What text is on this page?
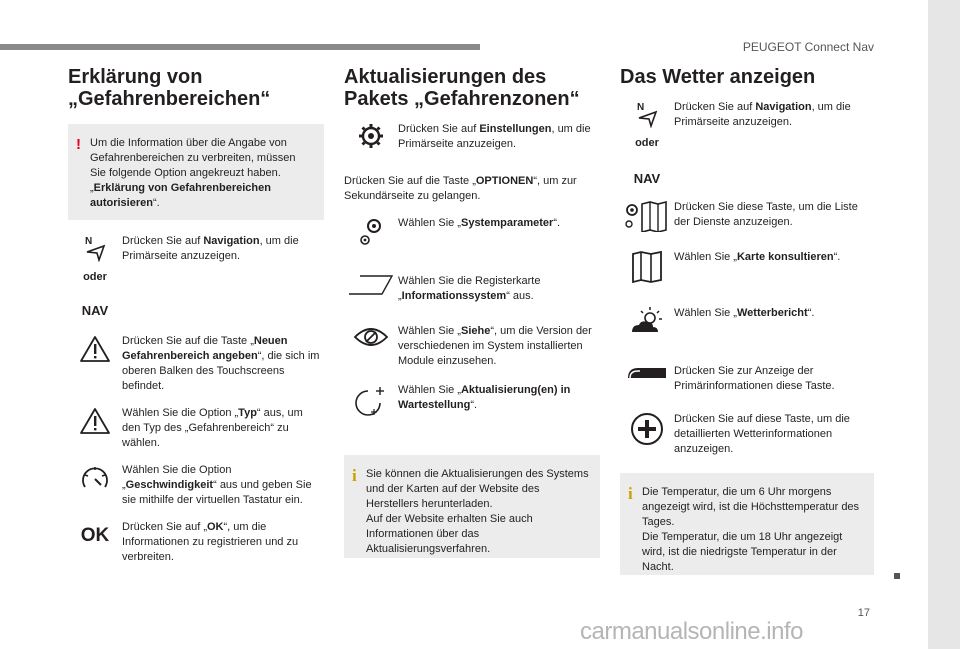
PEUGEOT Connect Nav
17
carmanualsonline.info
Erklärung von
„Gefahrenbereichen“
! Um die Information über die Angabe von Gefahrenbereichen zu verbreiten, müssen Sie folgende Option angekreuzt haben. „Erklärung von Gefahrenbereichen autorisieren“.
N	Drücken Sie auf Navigation, um die Primärseite anzuzeigen.
oder
NAV
Drücken Sie auf die Taste „Neuen Gefahrenbereich angeben“, die sich im oberen Balken des Touchscreens befindet.
Wählen Sie die Option „Typ“ aus, um den Typ des „Gefahrenbereich“ zu wählen.
Wählen Sie die Option „Geschwindigkeit“ aus und geben Sie sie mithilfe der virtuellen Tastatur ein.
OK Drücken Sie auf „OK“, um die Informationen zu registrieren und zu verbreiten.
Aktualisierungen des
Pakets „Gefahrenzonen“
Drücken Sie auf Einstellungen, um die Primärseite anzuzeigen.
Drücken Sie auf die Taste „OPTIONEN“, um zur Sekundärseite zu gelangen.
Wählen Sie „Systemparameter“.
Wählen Sie die Registerkarte „Informationssystem“ aus.
Wählen Sie „Siehe“, um die Version der verschiedenen im System installierten Module einzusehen.
Wählen Sie „Aktualisierung(en) in Wartestellung“.
i Sie können die Aktualisierungen des Systems und der Karten auf der Website des Herstellers herunterladen.
Auf der Website erhalten Sie auch Informationen über das Aktualisierungsverfahren.
Das Wetter anzeigen
N	Drücken Sie auf Navigation, um die Primärseite anzuzeigen.
oder
NAV
Drücken Sie diese Taste, um die Liste der Dienste anzuzeigen.
Wählen Sie „Karte konsultieren“.
Wählen Sie „Wetterbericht“.
Drücken Sie zur Anzeige der Primärinformationen diese Taste.
Drücken Sie auf diese Taste, um die detaillierten Wetterinformationen anzuzeigen.
i Die Temperatur, die um 6 Uhr morgens angezeigt wird, ist die Höchsttemperatur des Tages.
Die Temperatur, die um 18 Uhr angezeigt wird, ist die niedrigste Temperatur in der Nacht.
